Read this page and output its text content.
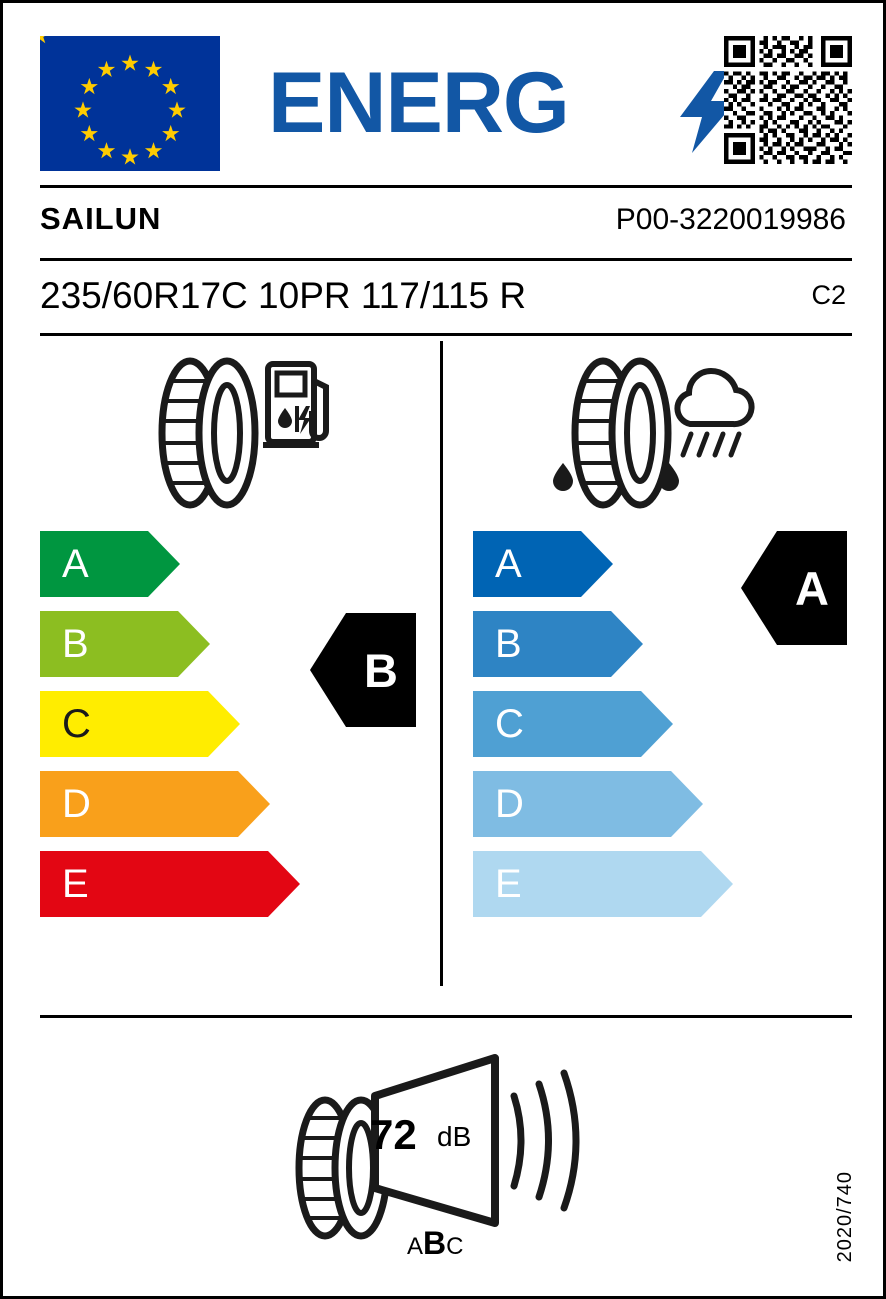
ENERG
SAILUN	P00-3220019986
235/60R17C 10PR 117/115 R	C2
A
B
C
D
E
B
A
B
C
D
E
A
72 dB
ABC	2020/740
